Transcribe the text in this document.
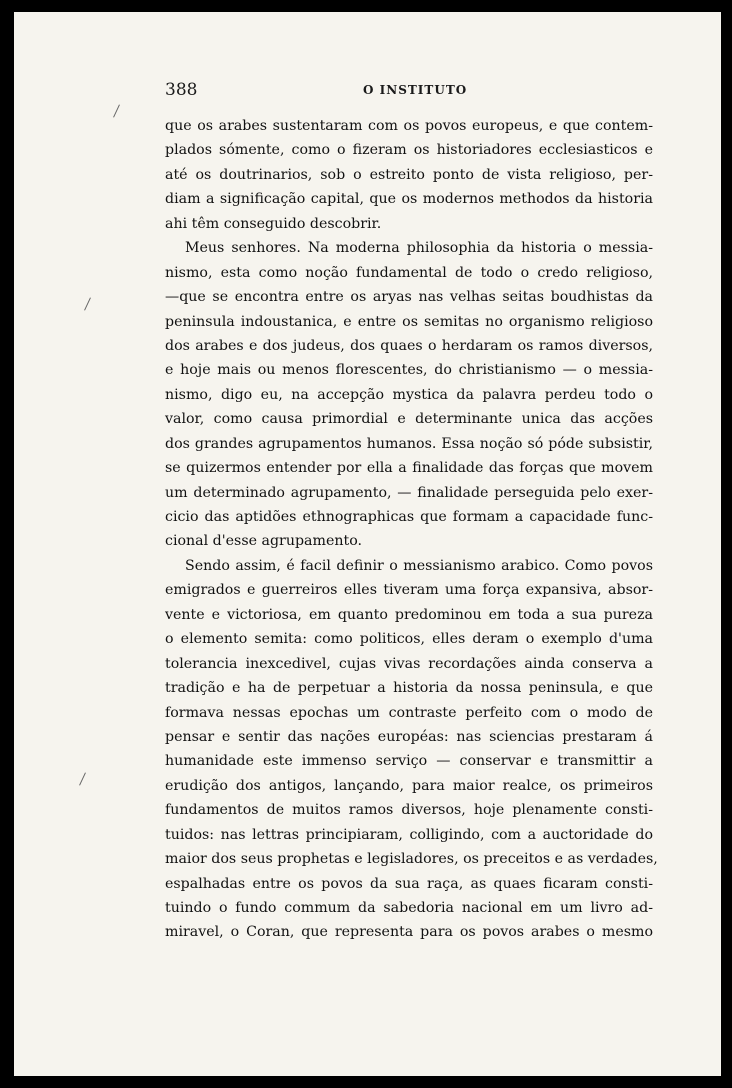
388	O INSTITUTO
que os arabes sustentaram com os povos europeus, e que contem-
plados sómente, como o fizeram os historiadores ecclesiasticos e
até os doutrinarios, sob o estreito ponto de vista religioso, per-
diam a significação capital, que os modernos methodos da historia
ahi têm conseguido descobrir.
Meus senhores. Na moderna philosophia da historia o messia-
nismo, esta como noção fundamental de todo o credo religioso,
—que se encontra entre os aryas nas velhas seitas boudhistas da
peninsula indoustanica, e entre os semitas no organismo religioso
dos arabes e dos judeus, dos quaes o herdaram os ramos diversos,
e hoje mais ou menos florescentes, do christianismo — o messia-
nismo, digo eu, na accepção mystica da palavra perdeu todo o
valor, como causa primordial e determinante unica das acções
dos grandes agrupamentos humanos. Essa noção só póde subsistir,
se quizermos entender por ella a finalidade das forças que movem
um determinado agrupamento, — finalidade perseguida pelo exer-
cicio das aptidões ethnographicas que formam a capacidade func-
cional d'esse agrupamento.
Sendo assim, é facil definir o messianismo arabico. Como povos
emigrados e guerreiros elles tiveram uma força expansiva, absor-
vente e victoriosa, em quanto predominou em toda a sua pureza
o elemento semita: como politicos, elles deram o exemplo d'uma
tolerancia inexcedivel, cujas vivas recordações ainda conserva a
tradição e ha de perpetuar a historia da nossa peninsula, e que
formava nessas epochas um contraste perfeito com o modo de
pensar e sentir das nações européas: nas sciencias prestaram á
humanidade este immenso serviço — conservar e transmittir a
erudição dos antigos, lançando, para maior realce, os primeiros
fundamentos de muitos ramos diversos, hoje plenamente consti-
tuidos: nas lettras principiaram, colligindo, com a auctoridade do
maior dos seus prophetas e legisladores, os preceitos e as verdades,
espalhadas entre os povos da sua raça, as quaes ficaram consti-
tuindo o fundo commum da sabedoria nacional em um livro ad-
miravel, o Coran, que representa para os povos arabes o mesmo
